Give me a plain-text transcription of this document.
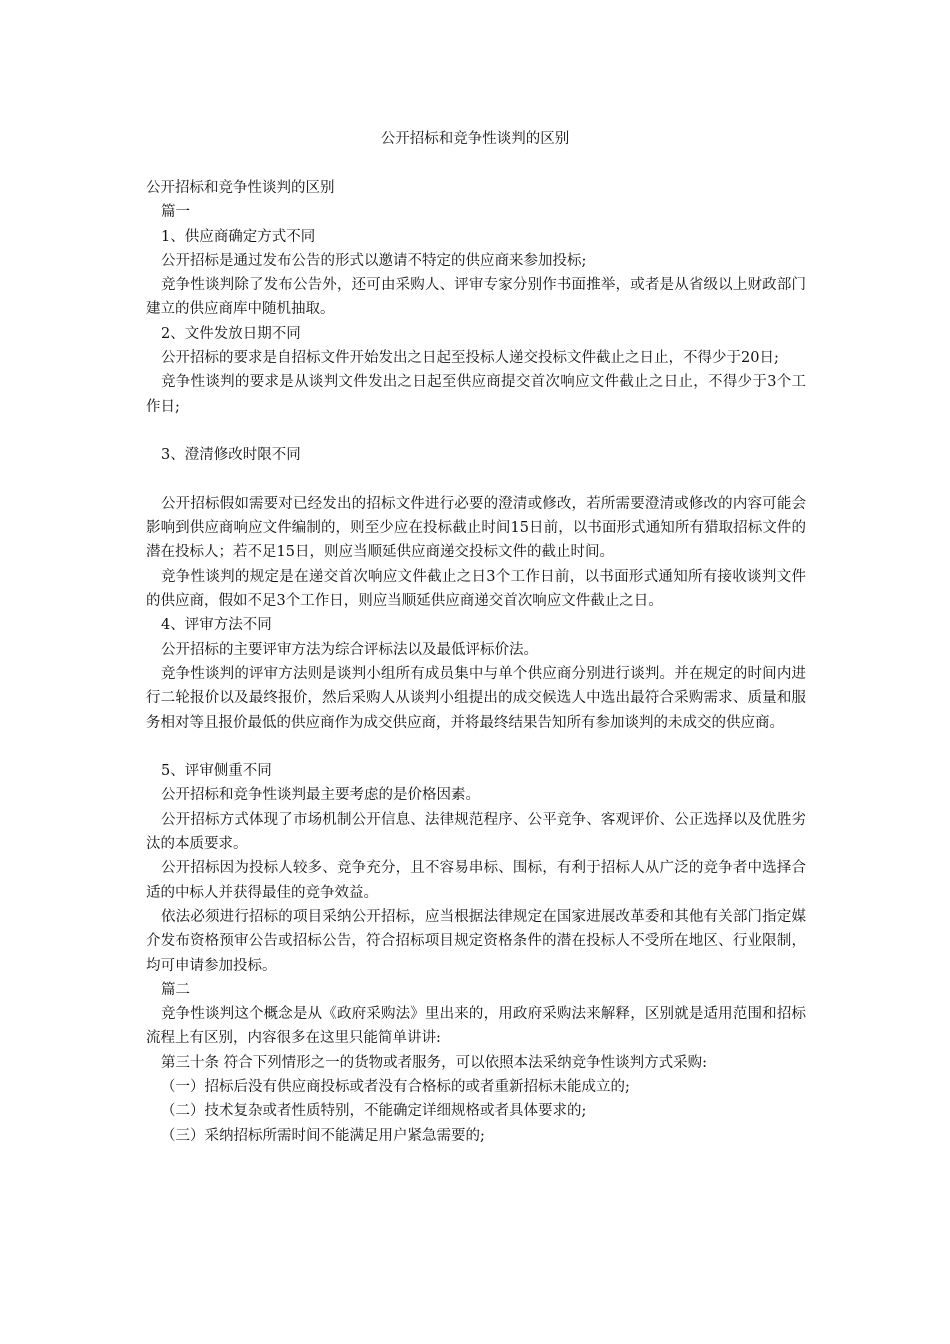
公开招标和竞争性谈判的区别

公开招标和竞争性谈判的区别

篇一

1、供应商确定方式不同

公开招标是通过发布公告的形式以邀请不特定的供应商来参加投标;

竞争性谈判除了发布公告外，还可由采购人、评审专家分别作书面推举，或者是从省级以上财政部门建立的供应商库中随机抽取。

2、文件发放日期不同

公开招标的要求是自招标文件开始发出之日起至投标人递交投标文件截止之日止，不得少于20日;

竞争性谈判的要求是从谈判文件发出之日起至供应商提交首次响应文件截止之日止，不得少于3个工作日;

3、澄清修改时限不同

公开招标假如需要对已经发出的招标文件进行必要的澄清或修改，若所需要澄清或修改的内容可能会影响到供应商响应文件编制的，则至少应在投标截止时间15日前，以书面形式通知所有猎取招标文件的潜在投标人；若不足15日，则应当顺延供应商递交投标文件的截止时间。

竞争性谈判的规定是在递交首次响应文件截止之日3个工作日前，以书面形式通知所有接收谈判文件的供应商，假如不足3个工作日，则应当顺延供应商递交首次响应文件截止之日。

4、评审方法不同

公开招标的主要评审方法为综合评标法以及最低评标价法。

竞争性谈判的评审方法则是谈判小组所有成员集中与单个供应商分别进行谈判。并在规定的时间内进行二轮报价以及最终报价，然后采购人从谈判小组提出的成交候选人中选出最符合采购需求、质量和服务相对等且报价最低的供应商作为成交供应商，并将最终结果告知所有参加谈判的未成交的供应商。

5、评审侧重不同

公开招标和竞争性谈判最主要考虑的是价格因素。

公开招标方式体现了市场机制公开信息、法律规范程序、公平竞争、客观评价、公正选择以及优胜劣汰的本质要求。

公开招标因为投标人较多、竞争充分，且不容易串标、围标，有利于招标人从广泛的竞争者中选择合适的中标人并获得最佳的竞争效益。

依法必须进行招标的项目采纳公开招标，应当根据法律规定在国家进展改革委和其他有关部门指定媒介发布资格预审公告或招标公告，符合招标项目规定资格条件的潜在投标人不受所在地区、行业限制，均可申请参加投标。

篇二

竞争性谈判这个概念是从《政府采购法》里出来的，用政府采购法来解释，区别就是适用范围和招标流程上有区别，内容很多在这里只能简单讲讲:

第三十条 符合下列情形之一的货物或者服务，可以依照本法采纳竞争性谈判方式采购:

（一）招标后没有供应商投标或者没有合格标的或者重新招标未能成立的;

（二）技术复杂或者性质特别，不能确定详细规格或者具体要求的;

（三）采纳招标所需时间不能满足用户紧急需要的;
